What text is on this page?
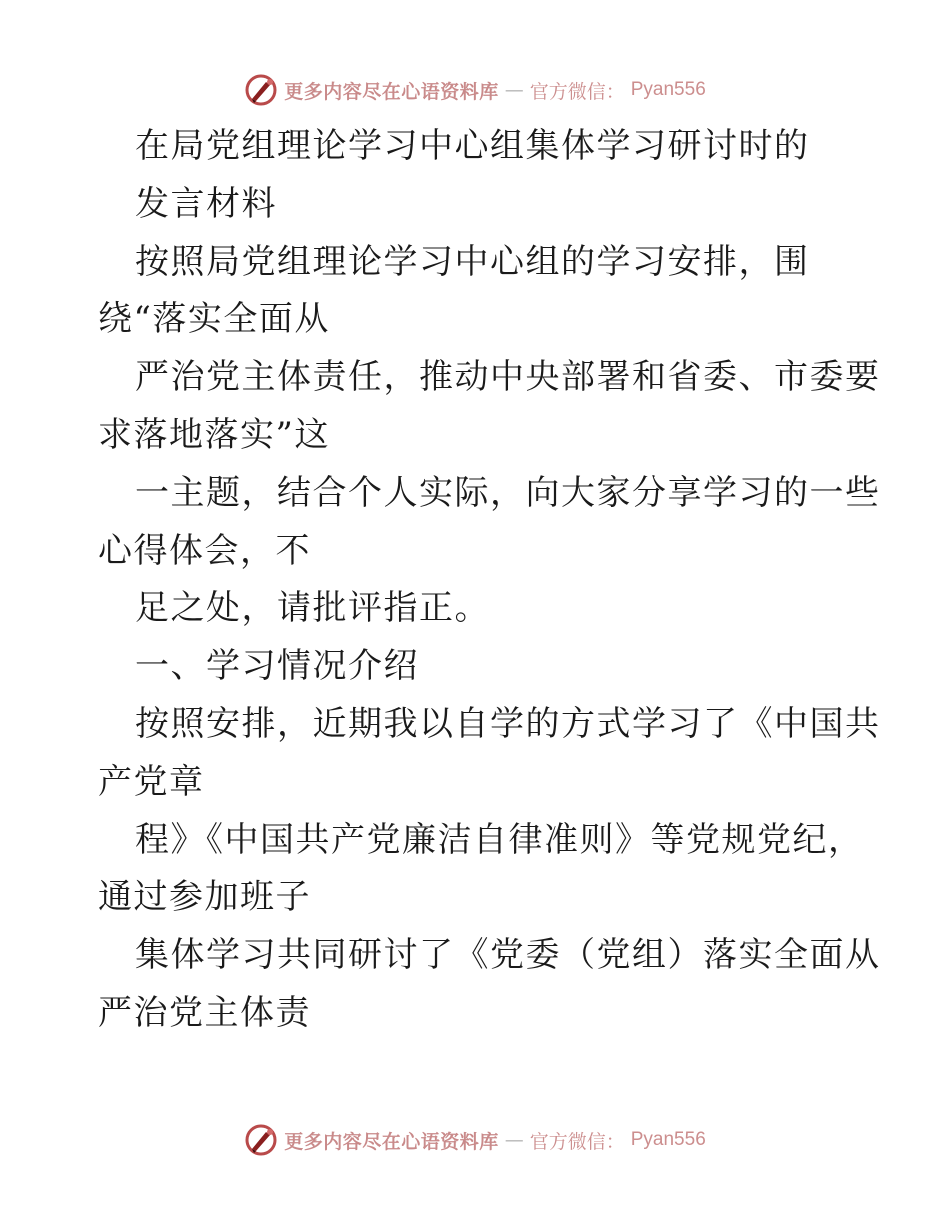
更多内容尽在心语资料库 — 官方微信： Pyan556
在局党组理论学习中心组集体学习研讨时的
发言材料
按照局党组理论学习中心组的学习安排，围
绕“落实全面从
严治党主体责任，推动中央部署和省委、市委要
求落地落实”这
一主题，结合个人实际，向大家分享学习的一些
心得体会，不
足之处，请批评指正。
一、学习情况介绍
按照安排，近期我以自学的方式学习了《中国共
产党章
程》《中国共产党廉洁自律准则》等党规党纪，
通过参加班子
集体学习共同研讨了《党委（党组）落实全面从
严治党主体责
更多内容尽在心语资料库 — 官方微信： Pyan556
